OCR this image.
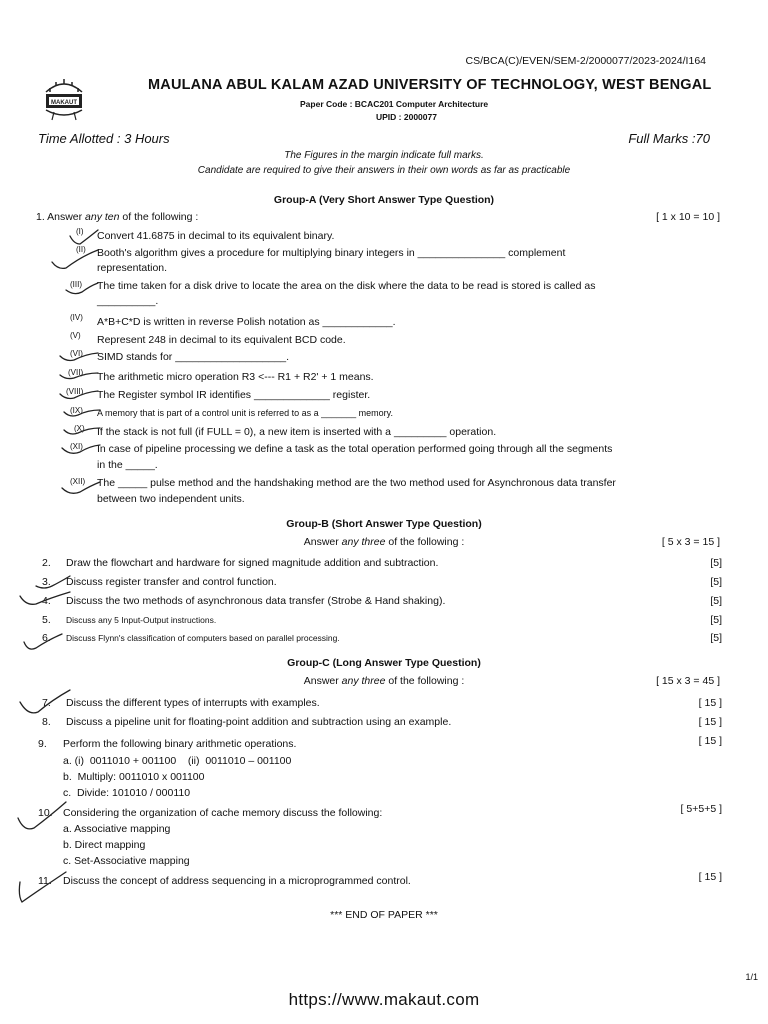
MAKAUT
CS/BCA(C)/EVEN/SEM-2/2000077/2023-2024/I164
MAULANA ABUL KALAM AZAD UNIVERSITY OF TECHNOLOGY, WEST BENGAL
Paper Code : BCAC201 Computer Architecture
UPID : 2000077
Time Allotted : 3 Hours	Full Marks :70
The Figures in the margin indicate full marks.
Candidate are required to give their answers in their own words as far as practicable
Group-A (Very Short Answer Type Question)
1. Answer any ten of the following :	[ 1 x 10 = 10 ]
(I) Convert 41.6875 in decimal to its equivalent binary.
(II) Booth's algorithm gives a procedure for multiplying binary integers in _______________ complement
representation.
(III) The time taken for a disk drive to locate the area on the disk where the data to be read is stored is called as
__________.
(IV) A*B+C*D is written in reverse Polish notation as ____________.
(V) Represent 248 in decimal to its equivalent BCD code.
(VI) SIMD stands for ___________________.
(VII) The arithmetic micro operation R3 <--- R1 + R2' + 1 means.
(VIII) The Register symbol IR identifies _____________ register.
(IX) A memory that is part of a control unit is referred to as a _______ memory.
(X) If the stack is not full (if FULL = 0), a new item is inserted with a _________ operation.
(XI) In case of pipeline processing we define a task as the total operation performed going through all the segments
in the _____.
(XII) The _____ pulse method and the handshaking method are the two method used for Asynchronous data transfer
between two independent units.
Group-B (Short Answer Type Question)
Answer any three of the following :	[ 5 x 3 = 15 ]
2. Draw the flowchart and hardware for signed magnitude addition and subtraction.	[5]
3. Discuss register transfer and control function.	[5]
4. Discuss the two methods of asynchronous data transfer (Strobe & Hand shaking).	[5]
5. Discuss any 5 Input-Output instructions.	[5]
6. Discuss Flynn's classification of computers based on parallel processing.	[5]
Group-C (Long Answer Type Question)
Answer any three of the following :	[ 15 x 3 = 45 ]
7. Discuss the different types of interrupts with examples.	[ 15 ]
8. Discuss a pipeline unit for floating-point addition and subtraction using an example.	[ 15 ]
9. Perform the following binary arithmetic operations.	[ 15 ]
a. (i)  0011010 + 001100    (ii)  0011010 – 001100
b.  Multiply: 0011010 x 001100
c.  Divide: 101010 / 000110
10. Considering the organization of cache memory discuss the following:	[ 5+5+5 ]
a. Associative mapping
b. Direct mapping
c. Set-Associative mapping
11. Discuss the concept of address sequencing in a microprogrammed control.	[ 15 ]
*** END OF PAPER ***
1/1
https://www.makaut.com
